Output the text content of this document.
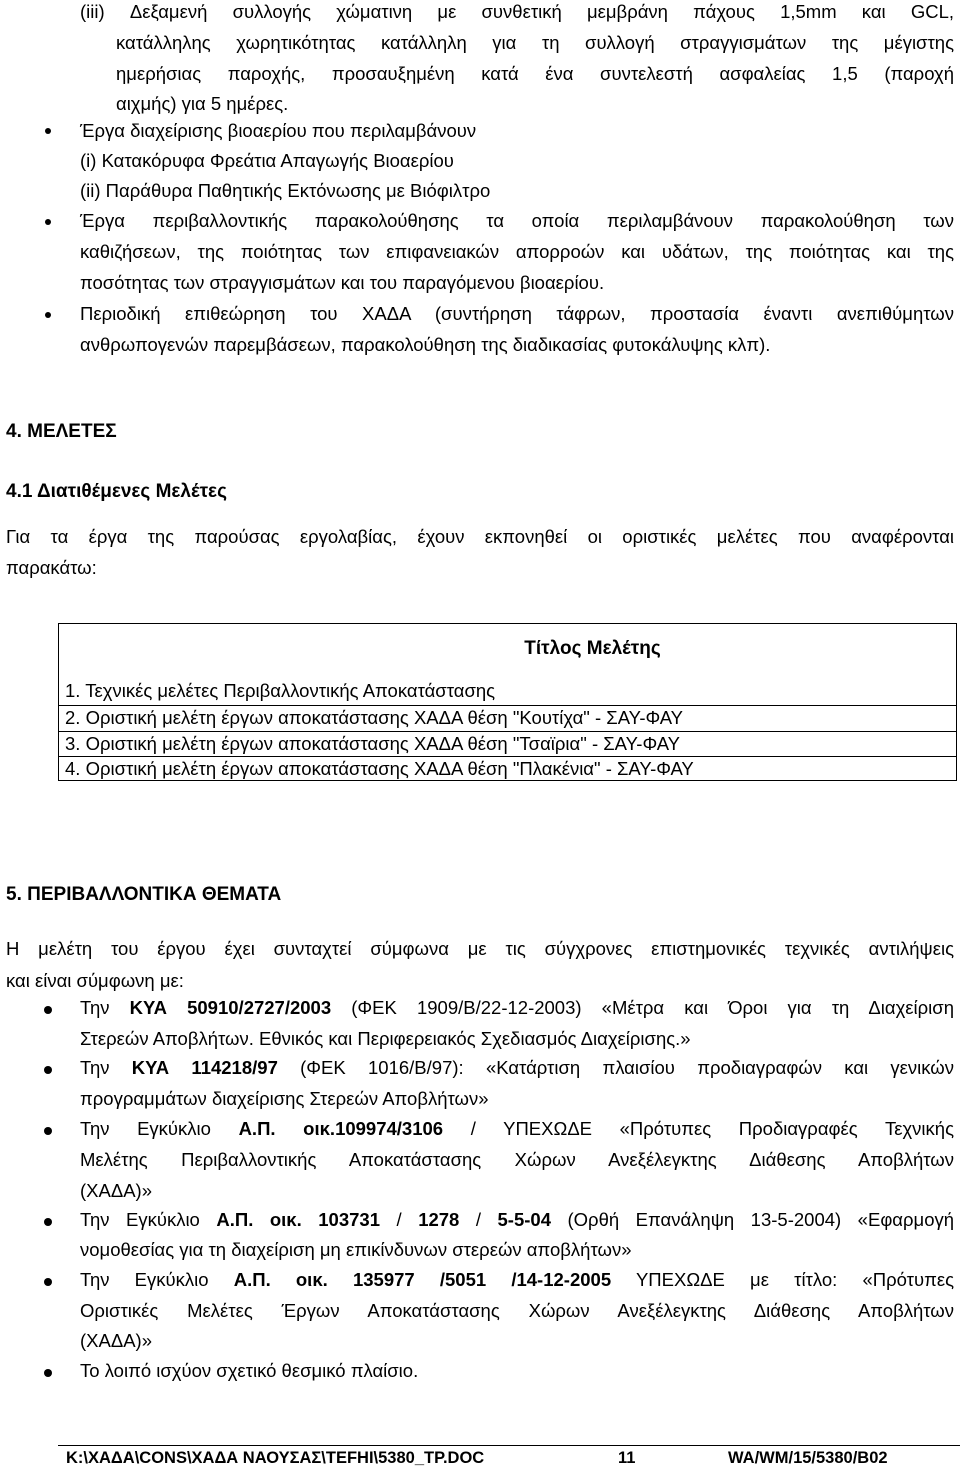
(iii) Δεξαμενή συλλογής χώματινη με συνθετική μεμβράνη πάχους 1,5mm και GCL,
κατάλληλης χωρητικότητας κατάλληλη για τη συλλογή στραγγισμάτων της μέγιστης
ημερήσιας παροχής, προσαυξημένη κατά ένα συντελεστή ασφαλείας 1,5 (παροχή
αιχμής) για 5 ημέρες.
Έργα διαχείρισης βιοαερίου που περιλαμβάνουν
(i) Κατακόρυφα Φρεάτια Απαγωγής Βιοαερίου
(ii) Παράθυρα Παθητικής Εκτόνωσης με Βιόφιλτρο
Έργα περιβαλλοντικής παρακολούθησης τα οποία περιλαμβάνουν παρακολούθηση των
καθιζήσεων, της ποιότητας των επιφανειακών απορροών και υδάτων, της ποιότητας και της
ποσότητας των στραγγισμάτων και του παραγόμενου βιοαερίου.
Περιοδική επιθεώρηση του ΧΑΔΑ (συντήρηση τάφρων, προστασία έναντι ανεπιθύμητων
ανθρωπογενών παρεμβάσεων, παρακολούθηση της διαδικασίας φυτοκάλυψης κλπ).
4. ΜΕΛΕΤΕΣ
4.1 Διατιθέμενες Μελέτες
Για τα έργα της παρούσας εργολαβίας, έχουν εκπονηθεί οι οριστικές μελέτες που αναφέρονται
παρακάτω:
Τίτλος Μελέτης
1. Τεχνικές μελέτες Περιβαλλοντικής Αποκατάστασης
2. Οριστική μελέτη έργων αποκατάστασης ΧΑΔΑ θέση "Κουτίχα" - ΣΑΥ-ΦΑΥ
3. Οριστική μελέτη έργων αποκατάστασης ΧΑΔΑ θέση "Τσαϊρια" - ΣΑΥ-ΦΑΥ
4. Οριστική μελέτη έργων αποκατάστασης ΧΑΔΑ θέση "Πλακένια" - ΣΑΥ-ΦΑΥ
5. ΠΕΡΙΒΑΛΛΟΝΤΙΚΑ ΘΕΜΑΤΑ
Η μελέτη του έργου έχει συνταχτεί σύμφωνα με τις σύγχρονες επιστημονικές τεχνικές αντιλήψεις
και είναι σύμφωνη με:
Την ΚΥΑ 50910/2727/2003 (ΦΕΚ 1909/Β/22-12-2003) «Μέτρα και Όροι για τη Διαχείριση
Στερεών Αποβλήτων. Εθνικός και Περιφερειακός Σχεδιασμός Διαχείρισης.»
Την ΚΥΑ 114218/97 (ΦΕΚ 1016/Β/97): «Κατάρτιση πλαισίου προδιαγραφών και γενικών
προγραμμάτων διαχείρισης Στερεών Αποβλήτων»
Την Εγκύκλιο Α.Π. οικ.109974/3106 / ΥΠΕΧΩΔΕ «Πρότυπες Προδιαγραφές Τεχνικής
Μελέτης Περιβαλλοντικής Αποκατάστασης Χώρων Ανεξέλεγκτης Διάθεσης Αποβλήτων
(ΧΑΔΑ)»
Την Εγκύκλιο Α.Π. οικ. 103731 / 1278 / 5-5-04 (Ορθή Επανάληψη 13-5-2004) «Εφαρμογή
νομοθεσίας για τη διαχείριση μη επικίνδυνων στερεών αποβλήτων»
Την Εγκύκλιο Α.Π. οικ. 135977 /5051 /14-12-2005 ΥΠΕΧΩΔΕ με τίτλο: «Πρότυπες
Οριστικές Μελέτες Έργων Αποκατάστασης Χώρων Ανεξέλεγκτης Διάθεσης Αποβλήτων
(ΧΑΔΑ)»
Το λοιπό ισχύον σχετικό θεσμικό πλαίσιο.
K:\ΧΑΔΑ\CONS\ΧΑΔΑ ΝΑΟΥΣΑΣ\TEFHI\5380_TP.DOC	11	WA/WM/15/5380/B02
